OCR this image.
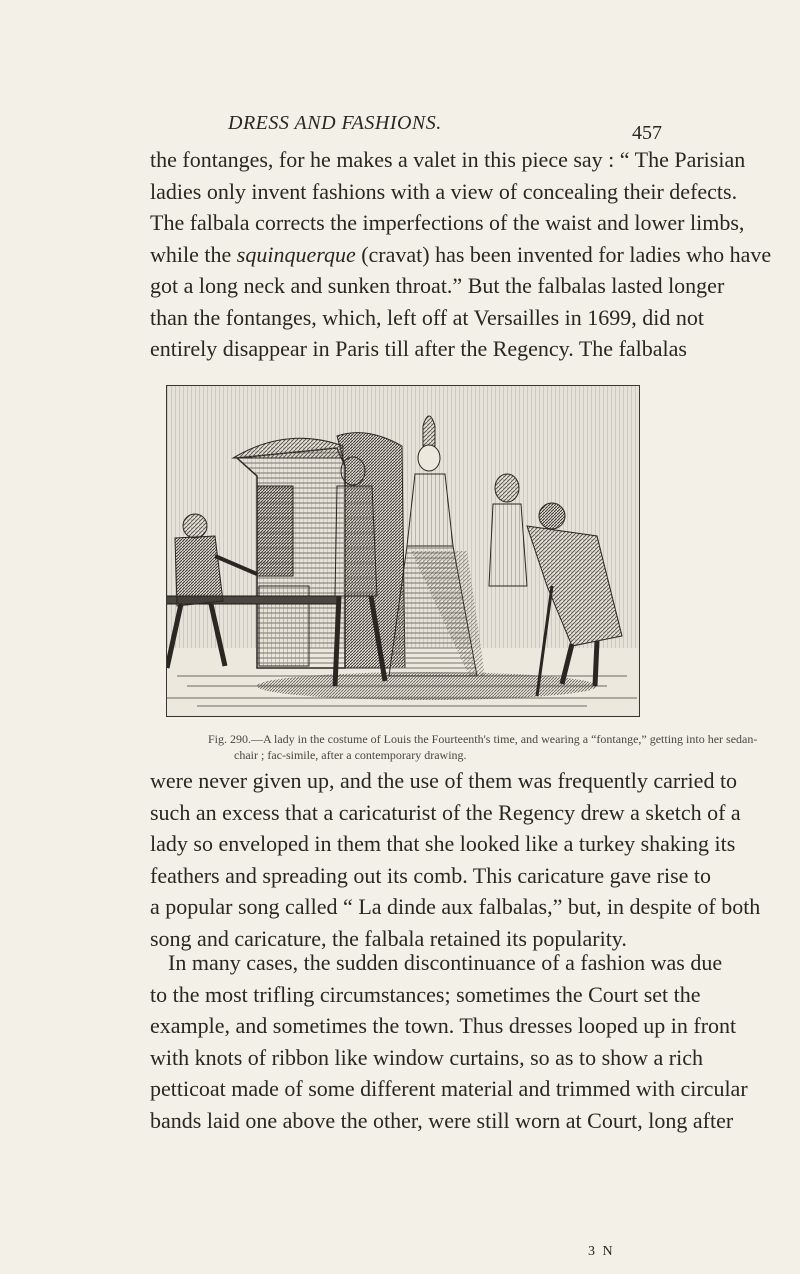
DRESS AND FASHIONS.	457

the fontanges, for he makes a valet in this piece say : “ The Parisian
ladies only invent fashions with a view of concealing their defects.
The falbala corrects the imperfections of the waist and lower limbs,
while the squinquerque (cravat) has been invented for ladies who have
got a long neck and sunken throat.” But the falbalas lasted longer
than the fontanges, which, left off at Versailles in 1699, did not
entirely disappear in Paris till after the Regency. The falbalas

Fig. 290.—A lady in the costume of Louis the Fourteenth's time, and wearing a “fontange,” getting into her sedan-
chair ; fac-simile, after a contemporary drawing.

were never given up, and the use of them was frequently carried to
such an excess that a caricaturist of the Regency drew a sketch of a
lady so enveloped in them that she looked like a turkey shaking its
feathers and spreading out its comb. This caricature gave rise to
a popular song called “ La dinde aux falbalas,” but, in despite of both
song and caricature, the falbala retained its popularity.

In many cases, the sudden discontinuance of a fashion was due
to the most trifling circumstances; sometimes the Court set the
example, and sometimes the town. Thus dresses looped up in front
with knots of ribbon like window curtains, so as to show a rich
petticoat made of some different material and trimmed with circular
bands laid one above the other, were still worn at Court, long after

3 N
